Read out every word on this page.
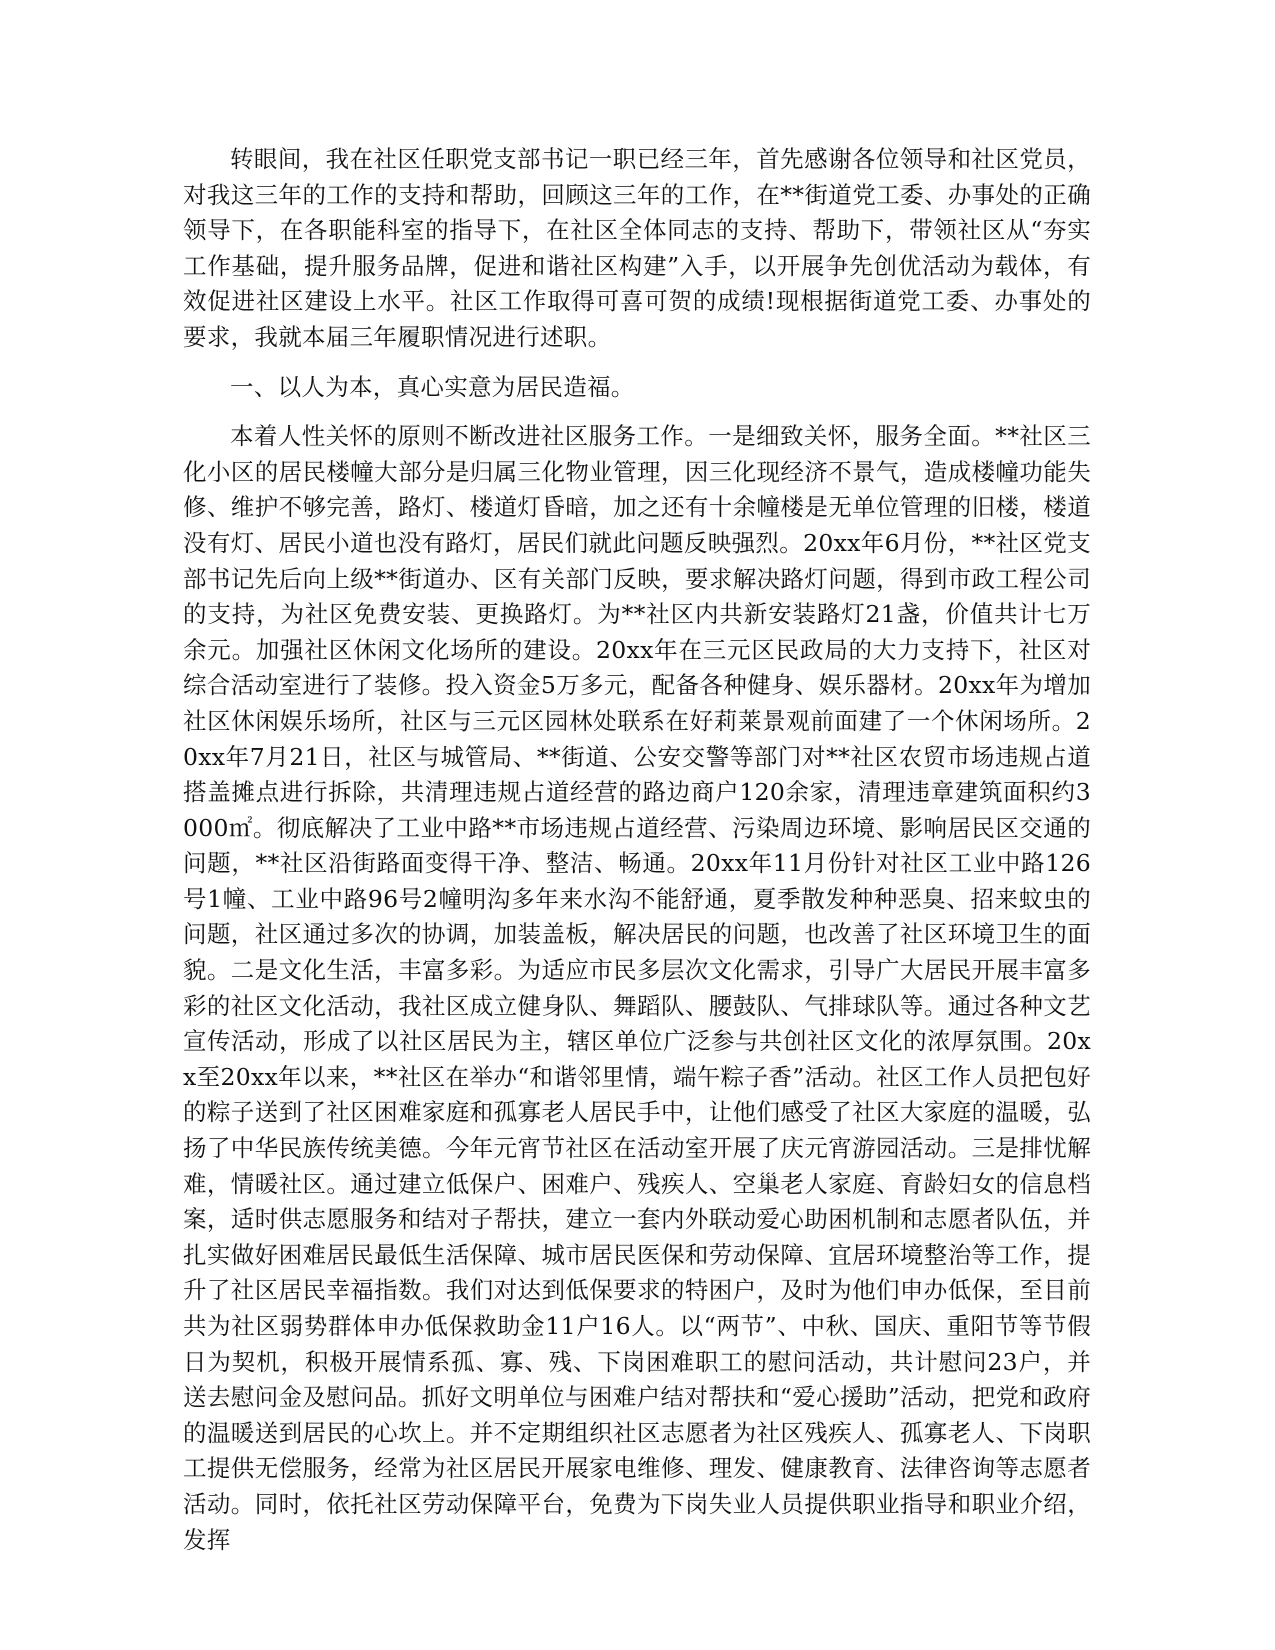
转眼间，我在社区任职党支部书记一职已经三年，首先感谢各位领导和社区党员，对我这三年的工作的支持和帮助，回顾这三年的工作，在**街道党工委、办事处的正确领导下，在各职能科室的指导下，在社区全体同志的支持、帮助下，带领社区从“夯实工作基础，提升服务品牌，促进和谐社区构建”入手，以开展争先创优活动为载体，有效促进社区建设上水平。社区工作取得可喜可贺的成绩!现根据街道党工委、办事处的要求，我就本届三年履职情况进行述职。

一、以人为本，真心实意为居民造福。

本着人性关怀的原则不断改进社区服务工作。一是细致关怀，服务全面。**社区三化小区的居民楼幢大部分是归属三化物业管理，因三化现经济不景气，造成楼幢功能失修、维护不够完善，路灯、楼道灯昏暗，加之还有十余幢楼是无单位管理的旧楼，楼道没有灯、居民小道也没有路灯，居民们就此问题反映强烈。20xx年6月份，**社区党支部书记先后向上级**街道办、区有关部门反映，要求解决路灯问题，得到市政工程公司的支持，为社区免费安装、更换路灯。为**社区内共新安装路灯21盏，价值共计七万余元。加强社区休闲文化场所的建设。20xx年在三元区民政局的大力支持下，社区对综合活动室进行了装修。投入资金5万多元，配备各种健身、娱乐器材。20xx年为增加社区休闲娱乐场所，社区与三元区园林处联系在好莉莱景观前面建了一个休闲场所。20xx年7月21日，社区与城管局、**街道、公安交警等部门对**社区农贸市场违规占道搭盖摊点进行拆除，共清理违规占道经营的路边商户120余家，清理违章建筑面积约3000㎡。彻底解决了工业中路**市场违规占道经营、污染周边环境、影响居民区交通的问题，**社区沿街路面变得干净、整洁、畅通。20xx年11月份针对社区工业中路126号1幢、工业中路96号2幢明沟多年来水沟不能舒通，夏季散发种种恶臭、招来蚊虫的问题，社区通过多次的协调，加装盖板，解决居民的问题，也改善了社区环境卫生的面貌。二是文化生活，丰富多彩。为适应市民多层次文化需求，引导广大居民开展丰富多彩的社区文化活动，我社区成立健身队、舞蹈队、腰鼓队、气排球队等。通过各种文艺宣传活动，形成了以社区居民为主，辖区单位广泛参与共创社区文化的浓厚氛围。20xx至20xx年以来，**社区在举办“和谐邻里情，端午粽子香”活动。社区工作人员把包好的粽子送到了社区困难家庭和孤寡老人居民手中，让他们感受了社区大家庭的温暖，弘扬了中华民族传统美德。今年元宵节社区在活动室开展了庆元宵游园活动。三是排忧解难，情暖社区。通过建立低保户、困难户、残疾人、空巢老人家庭、育龄妇女的信息档案，适时供志愿服务和结对子帮扶，建立一套内外联动爱心助困机制和志愿者队伍，并扎实做好困难居民最低生活保障、城市居民医保和劳动保障、宜居环境整治等工作，提升了社区居民幸福指数。我们对达到低保要求的特困户，及时为他们申办低保，至目前共为社区弱势群体申办低保救助金11户16人。以“两节”、中秋、国庆、重阳节等节假日为契机，积极开展情系孤、寡、残、下岗困难职工的慰问活动，共计慰问23户，并送去慰问金及慰问品。抓好文明单位与困难户结对帮扶和“爱心援助”活动，把党和政府的温暖送到居民的心坎上。并不定期组织社区志愿者为社区残疾人、孤寡老人、下岗职工提供无偿服务，经常为社区居民开展家电维修、理发、健康教育、法律咨询等志愿者活动。同时，依托社区劳动保障平台，免费为下岗失业人员提供职业指导和职业介绍，发挥
